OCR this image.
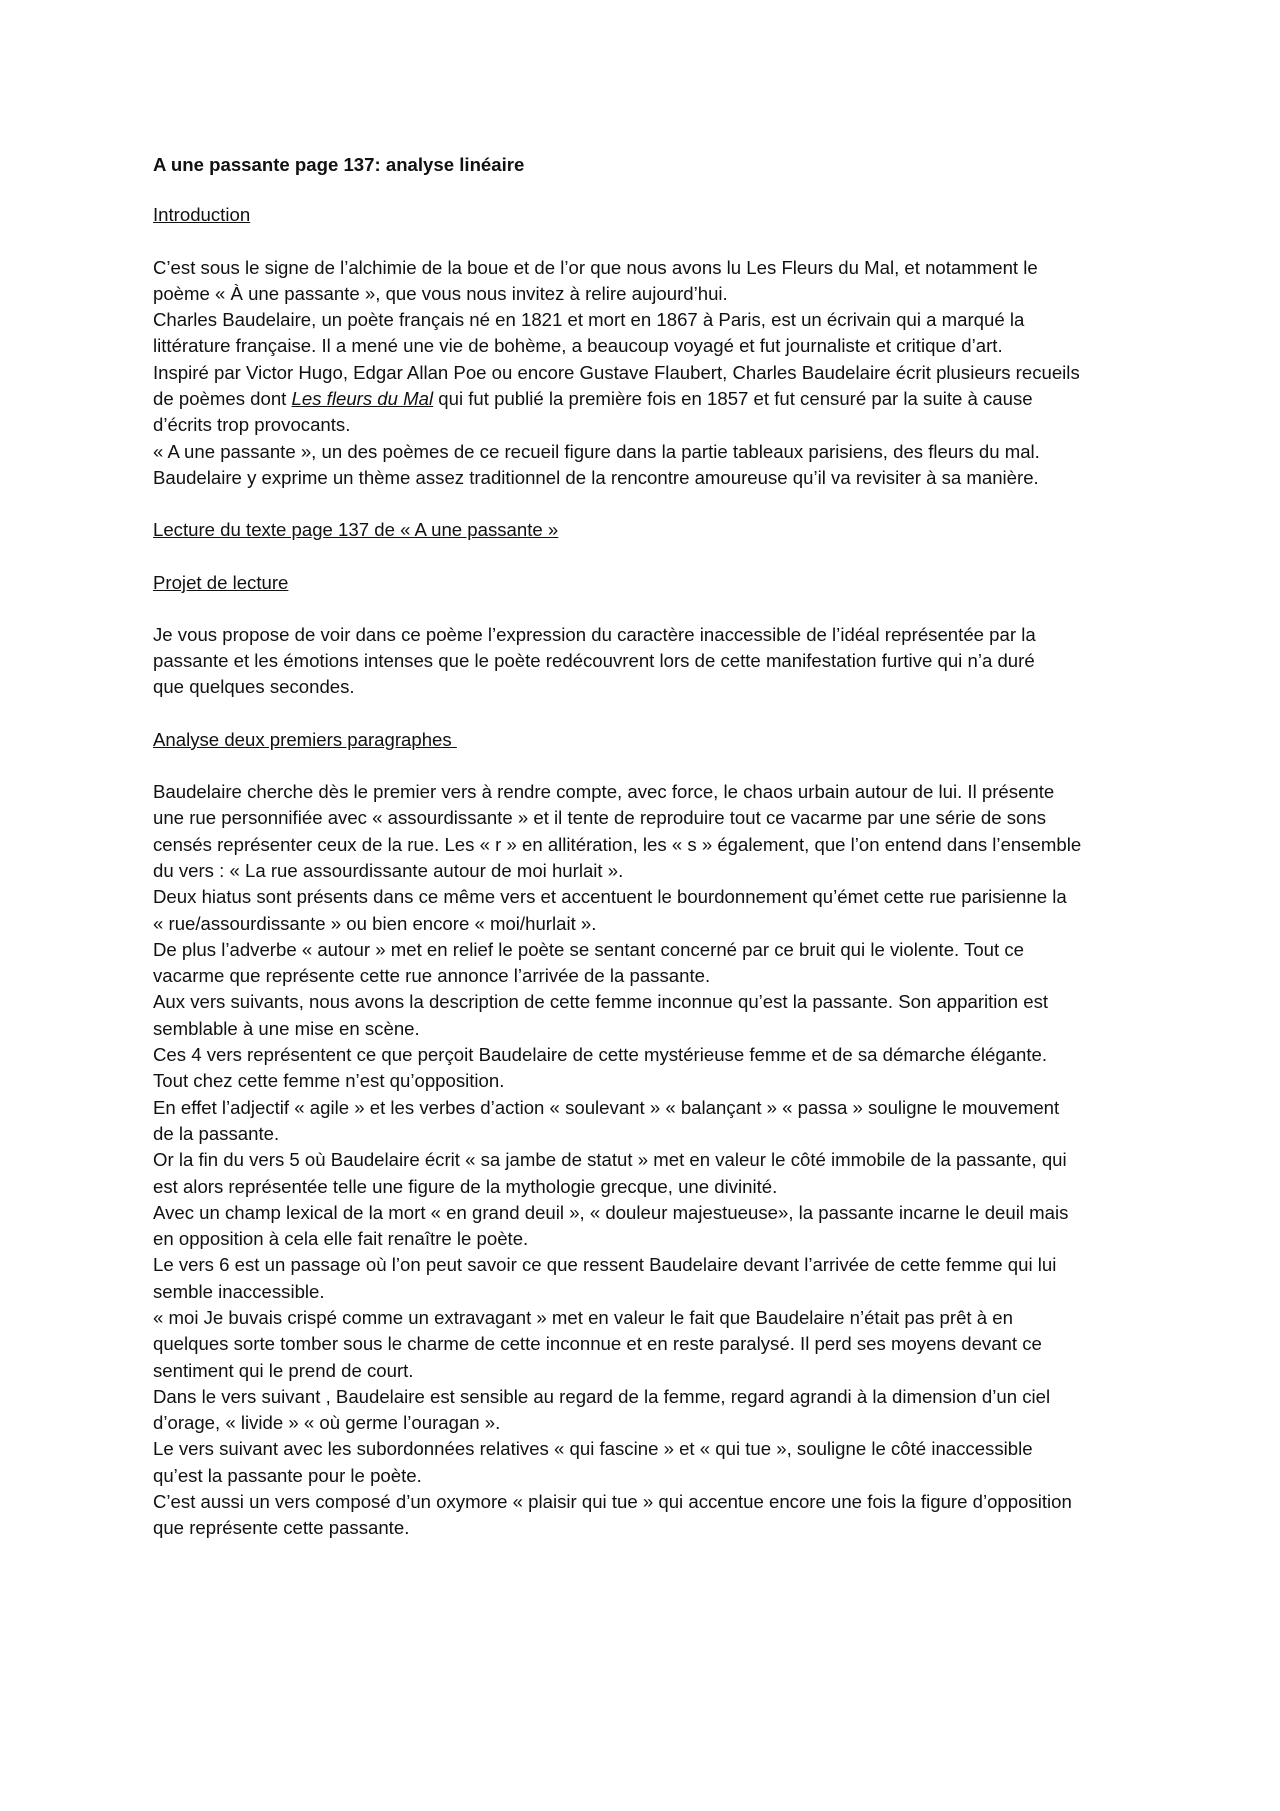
A une passante page 137: analyse linéaire
Introduction
C’est sous le signe de l’alchimie de la boue et de l’or que nous avons lu Les Fleurs du Mal, et notamment le
poème « À une passante », que vous nous invitez à relire aujourd’hui.
Charles Baudelaire, un poète français né en 1821 et mort en 1867 à Paris, est un écrivain qui a marqué la
littérature française. Il a mené une vie de bohème, a beaucoup voyagé et fut journaliste et critique d’art.
Inspiré par Victor Hugo, Edgar Allan Poe ou encore Gustave Flaubert, Charles Baudelaire écrit plusieurs recueils
de poèmes dont Les fleurs du Mal qui fut publié la première fois en 1857 et fut censuré par la suite à cause
d’écrits trop provocants.
« A une passante », un des poèmes de ce recueil figure dans la partie tableaux parisiens, des fleurs du mal.
Baudelaire y exprime un thème assez traditionnel de la rencontre amoureuse qu’il va revisiter à sa manière.
Lecture du texte page 137 de « A une passante »
Projet de lecture
Je vous propose de voir dans ce poème l’expression du caractère inaccessible de l’idéal représentée par la
passante et les émotions intenses que le poète redécouvrent lors de cette manifestation furtive qui n’a duré
que quelques secondes.
Analyse deux premiers paragraphes
Baudelaire cherche dès le premier vers à rendre compte, avec force, le chaos urbain autour de lui. Il présente
une rue personnifiée avec « assourdissante » et il tente de reproduire tout ce vacarme par une série de sons
censés représenter ceux de la rue. Les « r » en allitération, les « s » également, que l’on entend dans l’ensemble
du vers : « La rue assourdissante autour de moi hurlait ».
Deux hiatus sont présents dans ce même vers et accentuent le bourdonnement qu’émet cette rue parisienne la
« rue/assourdissante » ou bien encore « moi/hurlait ».
De plus l’adverbe « autour » met en relief le poète se sentant concerné par ce bruit qui le violente. Tout ce
vacarme que représente cette rue annonce l’arrivée de la passante.
Aux vers suivants, nous avons la description de cette femme inconnue qu’est la passante. Son apparition est
semblable à une mise en scène.
Ces 4 vers représentent ce que perçoit Baudelaire de cette mystérieuse femme et de sa démarche élégante.
Tout chez cette femme n’est qu’opposition.
En effet l’adjectif « agile » et les verbes d’action « soulevant » « balançant » « passa » souligne le mouvement
de la passante.
Or la fin du vers 5 où Baudelaire écrit « sa jambe de statut » met en valeur le côté immobile de la passante, qui
est alors représentée telle une figure de la mythologie grecque, une divinité.
Avec un champ lexical de la mort « en grand deuil », « douleur majestueuse», la passante incarne le deuil mais
en opposition à cela elle fait renaître le poète.
Le vers 6 est un passage où l’on peut savoir ce que ressent Baudelaire devant l’arrivée de cette femme qui lui
semble inaccessible.
« moi Je buvais crispé comme un extravagant » met en valeur le fait que Baudelaire n’était pas prêt à en
quelques sorte tomber sous le charme de cette inconnue et en reste paralysé. Il perd ses moyens devant ce
sentiment qui le prend de court.
Dans le vers suivant , Baudelaire est sensible au regard de la femme, regard agrandi à la dimension d’un ciel
d’orage, « livide » « où germe l’ouragan ».
Le vers suivant avec les subordonnées relatives « qui fascine » et « qui tue », souligne le côté inaccessible
qu’est la passante pour le poète.
C’est aussi un vers composé d’un oxymore « plaisir qui tue » qui accentue encore une fois la figure d’opposition
que représente cette passante.
